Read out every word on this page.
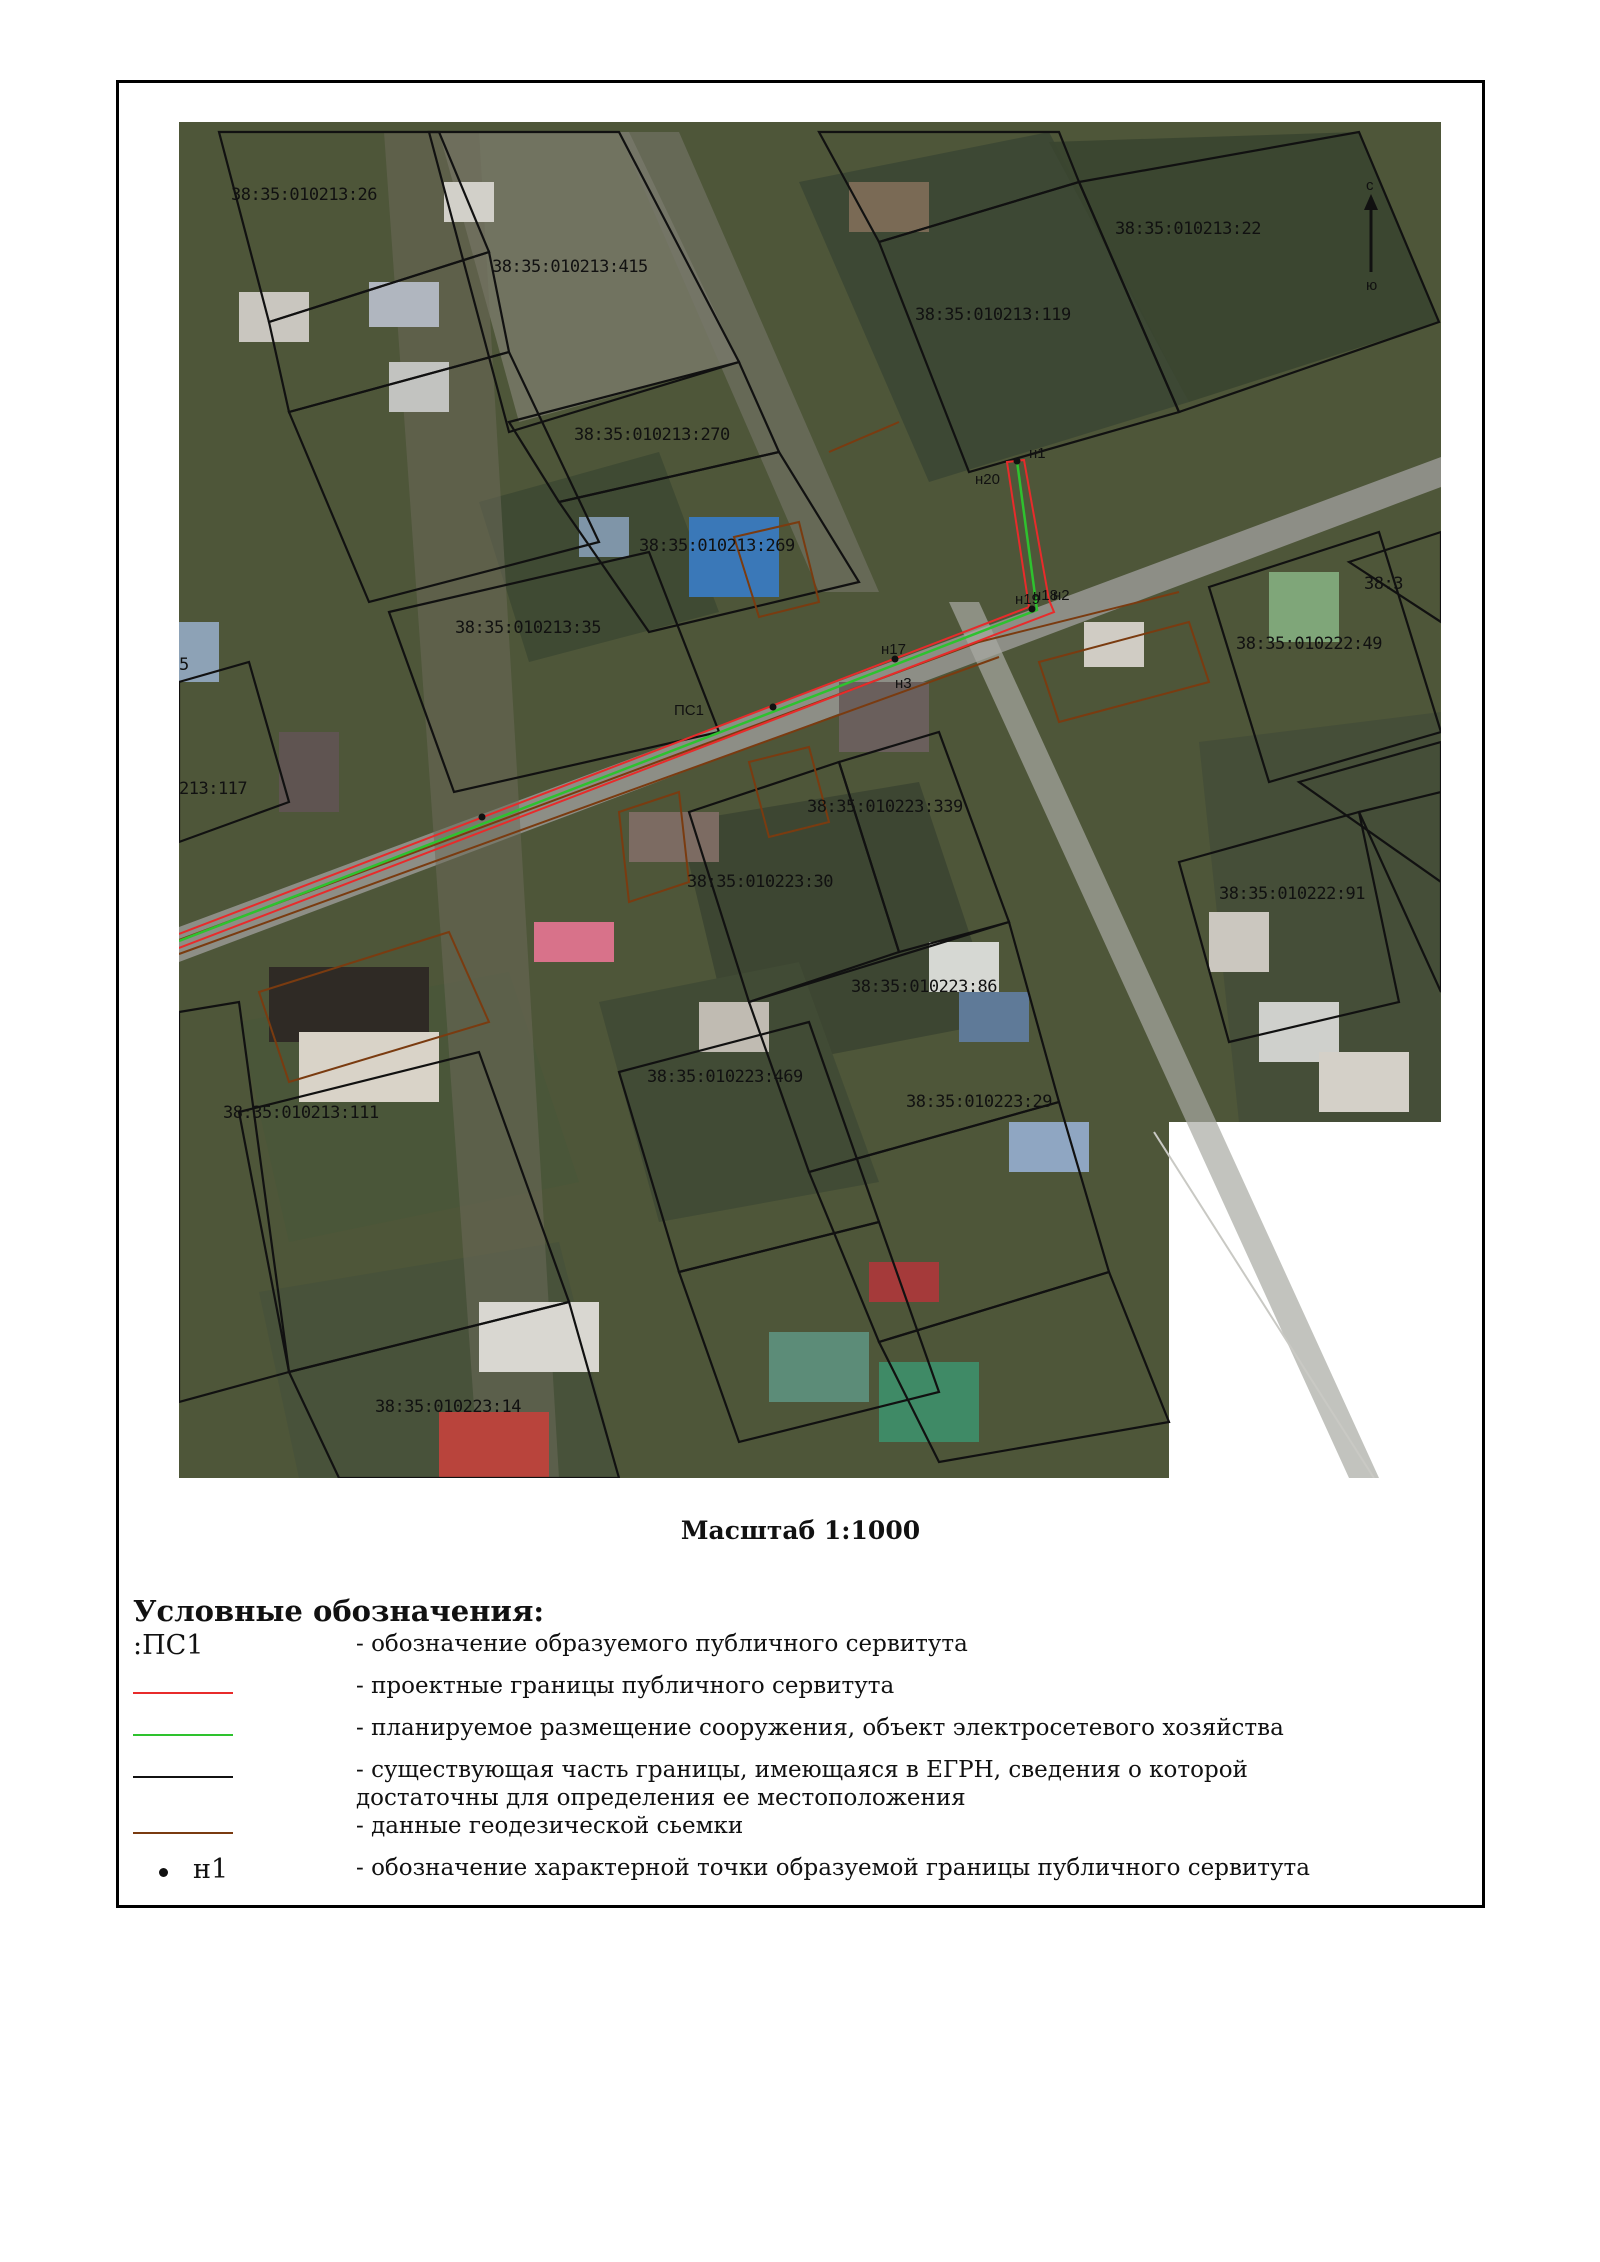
н1
н20
н19
н18
н2
н17
н3
ПС1
38:35:010213:26
38:35:010213:415
38:35:010213:119
38:35:010213:22
38:35:010213:270
38:35:010213:269
38:35:010213:35
38:35:010222:49
213:117
38:35:010223:339
38:35:010223:30
38:35:010222:91
38:35:010223:86
38:35:010223:469
38:35:010223:29
38:35:010213:111
38:35:010223:14
38:3
5
с
ю
Масштаб 1:1000
Условные обозначения:
:ПС1	- обозначение образуемого публичного сервитута
- проектные границы публичного сервитута
- планируемое размещение сооружения, объект электросетевого хозяйства
- существующая часть границы, имеющаяся в ЕГРН, сведения о которой
достаточны для определения ее местоположения
- данные геодезической сьемки
н1	- обозначение характерной точки образуемой границы публичного сервитута
